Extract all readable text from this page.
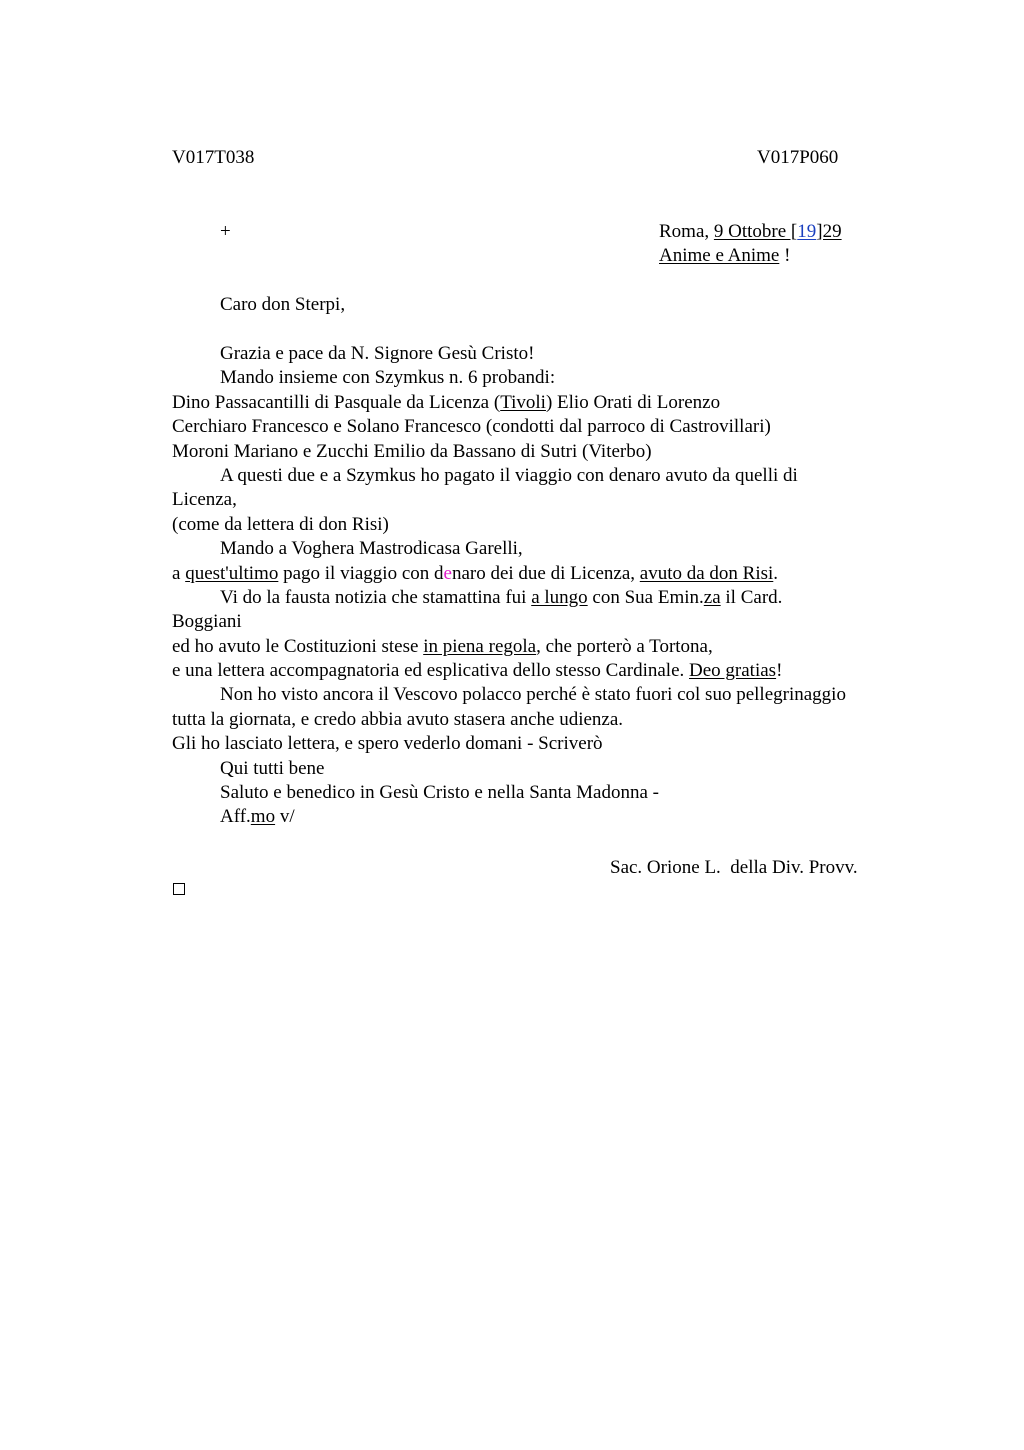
V017T038	V017P060
+	Roma, 9 Ottobre [19]29
Anime e Anime !
Caro don Sterpi,
Grazia e pace da N. Signore Gesù Cristo!
Mando insieme con Szymkus n. 6 probandi:
Dino Passacantilli di Pasquale da Licenza (Tivoli) Elio Orati di Lorenzo
Cerchiaro Francesco e Solano Francesco (condotti dal parroco di Castrovillari)
Moroni Mariano e Zucchi Emilio da Bassano di Sutri (Viterbo)
A questi due e a Szymkus ho pagato il viaggio con denaro avuto da quelli di
Licenza,
(come da lettera di don Risi)
Mando a Voghera Mastrodicasa Garelli,
a quest'ultimo pago il viaggio con denaro dei due di Licenza, avuto da don Risi.
Vi do la fausta notizia che stamattina fui a lungo con Sua Emin.za il Card.
Boggiani
ed ho avuto le Costituzioni stese in piena regola, che porterò a Tortona,
e una lettera accompagnatoria ed esplicativa dello stesso Cardinale. Deo gratias!
Non ho visto ancora il Vescovo polacco perché è stato fuori col suo pellegrinaggio
tutta la giornata, e credo abbia avuto stasera anche udienza.
Gli ho lasciato lettera, e spero vederlo domani - Scriverò
Qui tutti bene
Saluto e benedico in Gesù Cristo e nella Santa Madonna -
Aff.mo v/
Sac. Orione L.  della Div. Provv.
